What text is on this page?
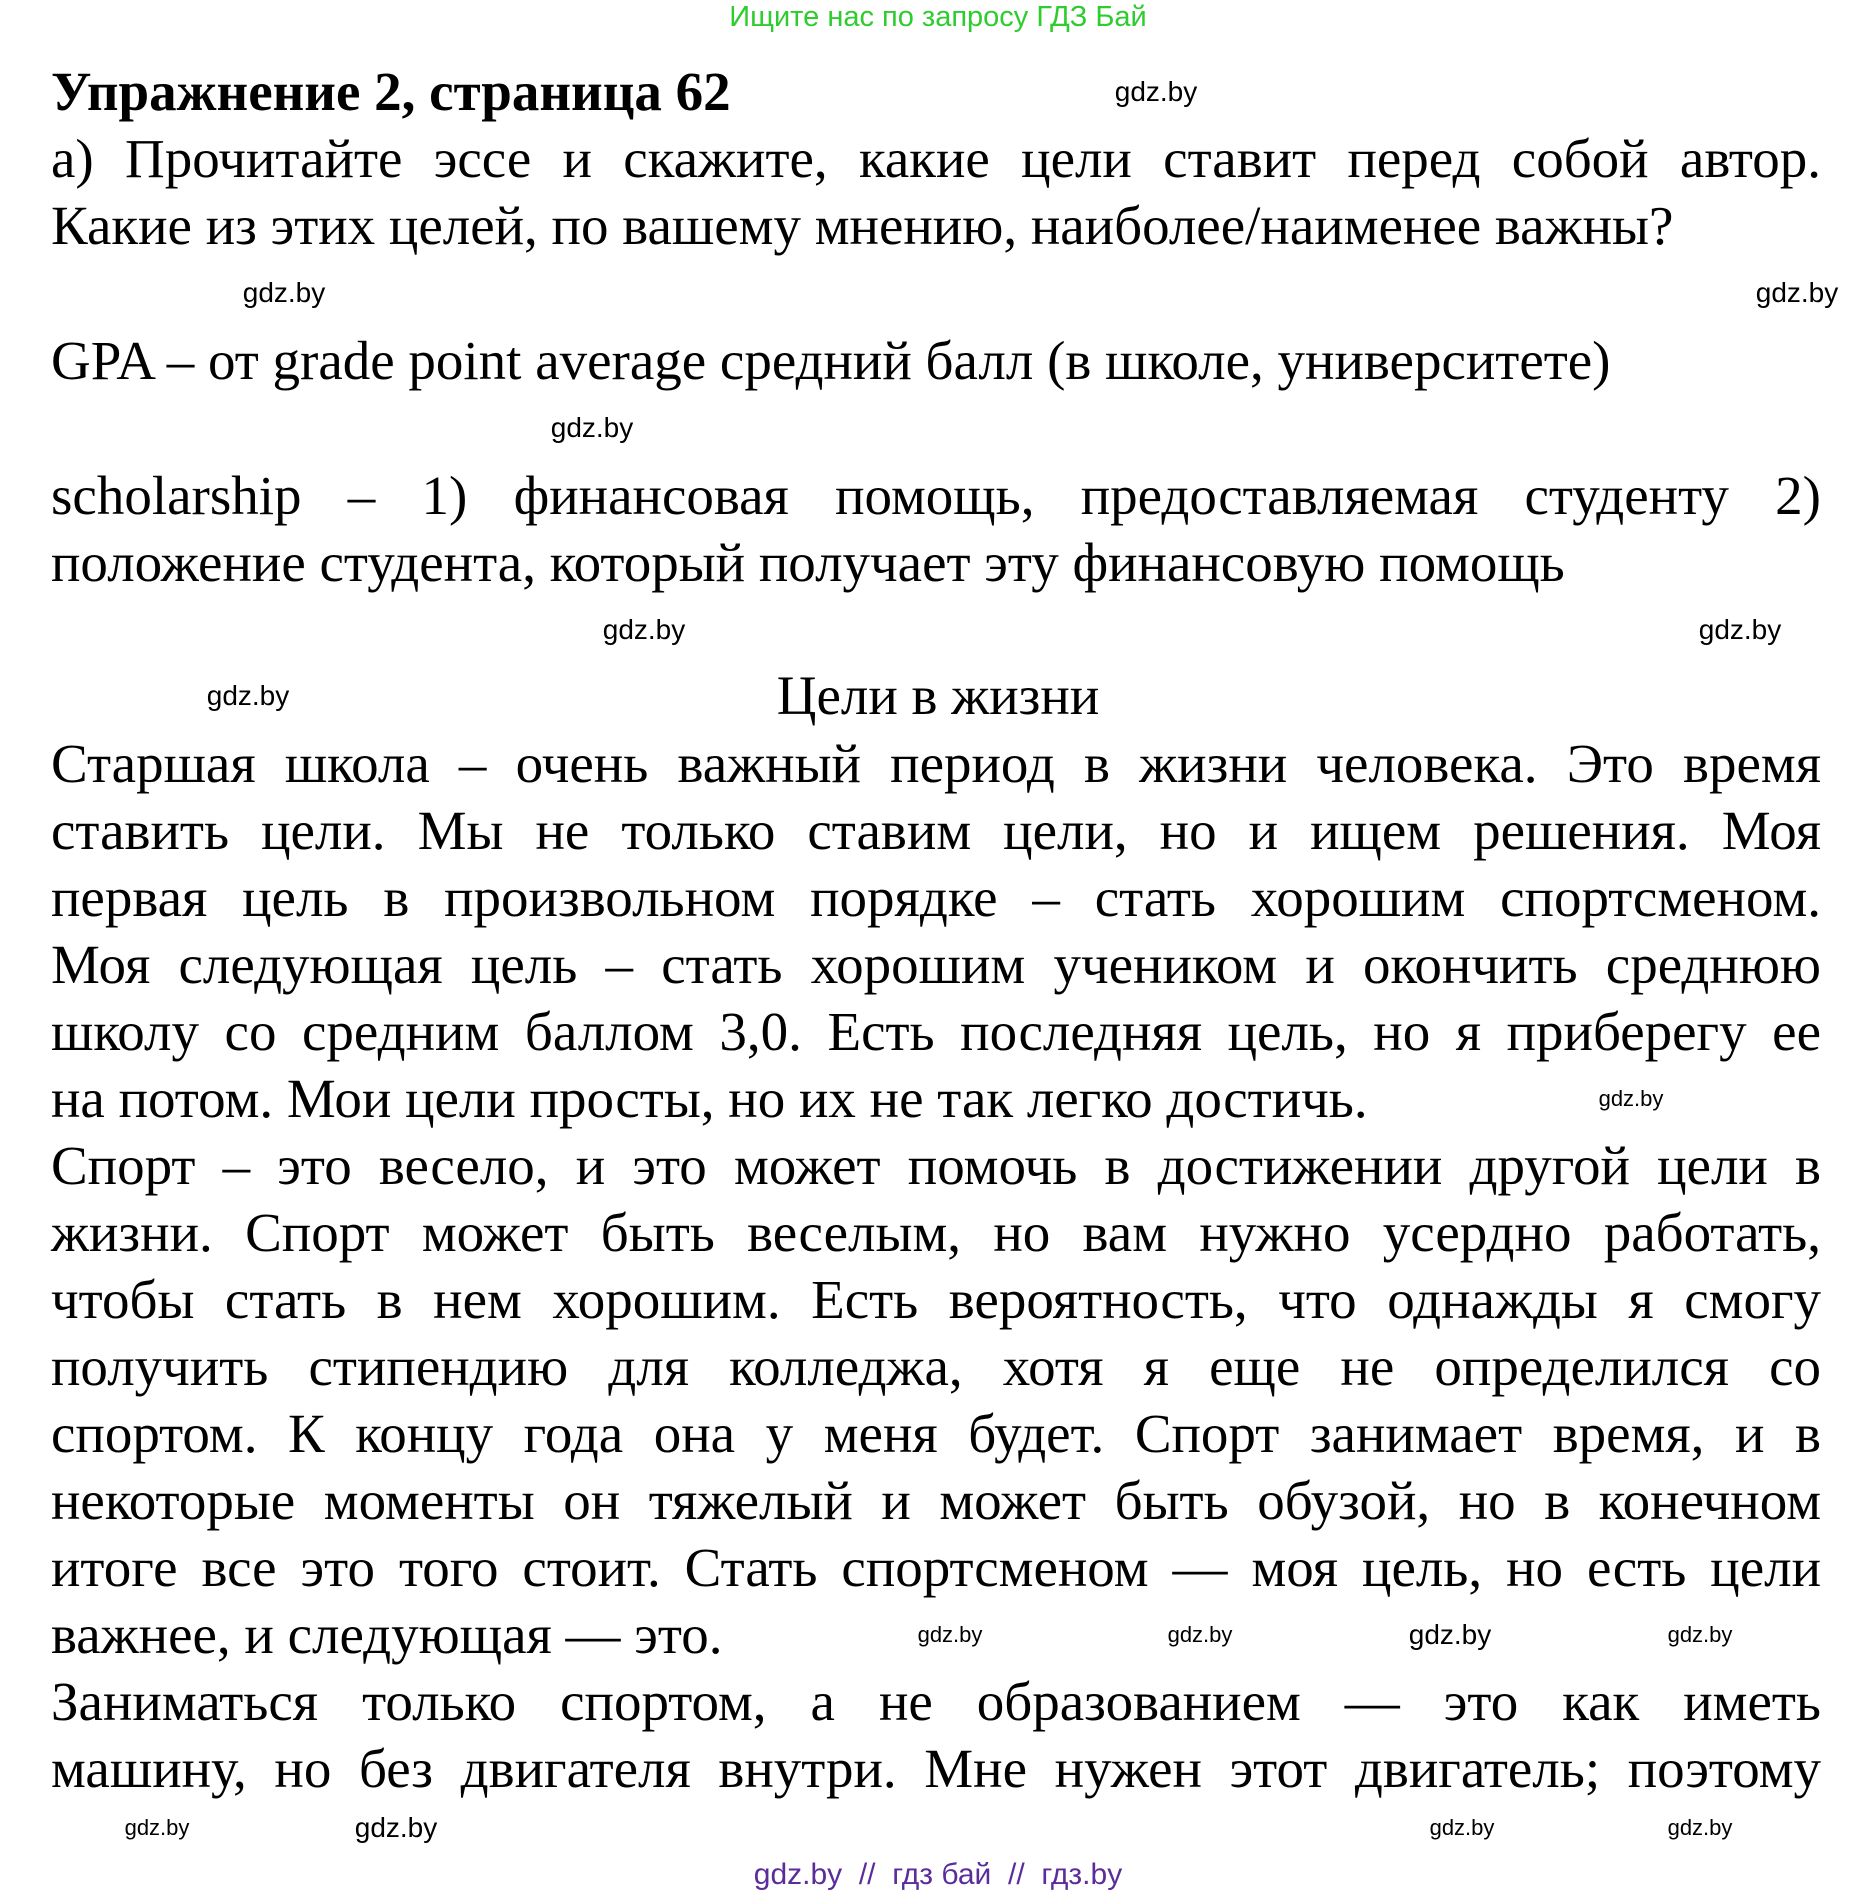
Ищите нас по запросу ГДЗ Бай
Упражнение 2, страница 62
а) Прочитайте эссе и скажите, какие цели ставит перед собой автор.
Какие из этих целей, по вашему мнению, наиболее/наименее важны?
GPA – от grade point average средний балл (в школе, университете)
scholarship – 1) финансовая помощь, предоставляемая студенту 2)
положение студента, который получает эту финансовую помощь
Цели в жизни
Старшая школа – очень важный период в жизни человека. Это время
ставить цели. Мы не только ставим цели, но и ищем решения. Моя
первая цель в произвольном порядке – стать хорошим спортсменом.
Моя следующая цель – стать хорошим учеником и окончить среднюю
школу со средним баллом 3,0. Есть последняя цель, но я приберегу ее
на потом. Мои цели просты, но их не так легко достичь.
Спорт – это весело, и это может помочь в достижении другой цели в
жизни. Спорт может быть веселым, но вам нужно усердно работать,
чтобы стать в нем хорошим. Есть вероятность, что однажды я смогу
получить стипендию для колледжа, хотя я еще не определился со
спортом. К концу года она у меня будет. Спорт занимает время, и в
некоторые моменты он тяжелый и может быть обузой, но в конечном
итоге все это того стоит. Стать спортсменом — моя цель, но есть цели
важнее, и следующая — это.
Заниматься только спортом, а не образованием — это как иметь
машину, но без двигателя внутри. Мне нужен этот двигатель; поэтому
gdz.by
gdz.by	gdz.by
gdz.by
gdz.by
gdz.by
gdz.by
gdz.by
gdz.by	gdz.by	gdz.by	gdz.by
gdz.by	gdz.by	gdz.by	gdz.by
gdz.by  //  гдз бай  //  гдз.by
